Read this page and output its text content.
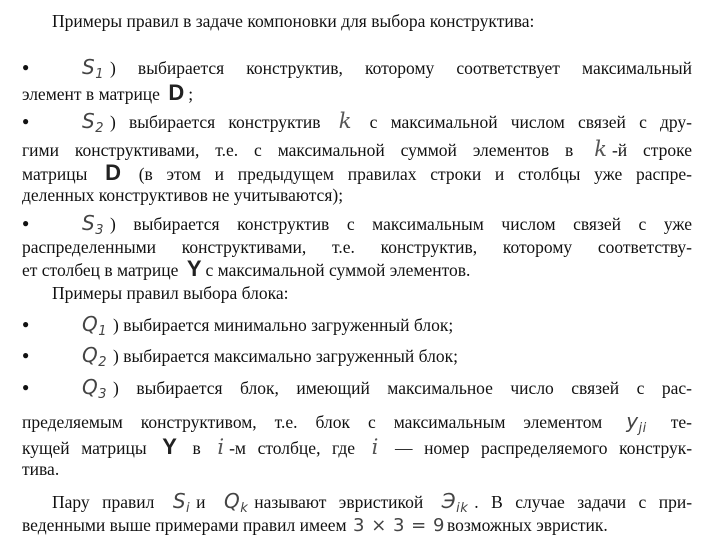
Примеры правил в задаче компоновки для выбора конструктива:
●	$S_1$ ) выбирается конструктив, которому соответствует максимальный
элемент в матрице D ;
●	$S_2$ ) выбирается конструктив k с максимальной числом связей с дру-
гими конструктивами, т.е. с максимальной суммой элементов в k -й строке
матрицы D (в этом и предыдущем правилах строки и столбцы уже распре-
деленных конструктивов не учитываются);
●	$S_3$ ) выбирается конструктив с максимальным числом связей с уже
распределенными конструктивами, т.е. конструктив, которому соответству-
ет столбец в матрице Y с максимальной суммой элементов.
Примеры правил выбора блока:
●	$Q_1$ ) выбирается минимально загруженный блок;
●	$Q_2$ ) выбирается максимально загруженный блок;
●	$Q_3$ ) выбирается блок, имеющий максимальное число связей с рас-
пределяемым конструктивом, т.е. блок с максимальным элементом $y_{ji}$ те-
кущей матрицы Y в i -м столбце, где i — номер распределяемого конструк-
тива.
Пару правил $S_i$ и $Q_k$ называют эвристикой $Э_{ik}$ . В случае задачи с при-
веденными выше примерами правил имеем 3 × 3 = 9 возможных эвристик.
